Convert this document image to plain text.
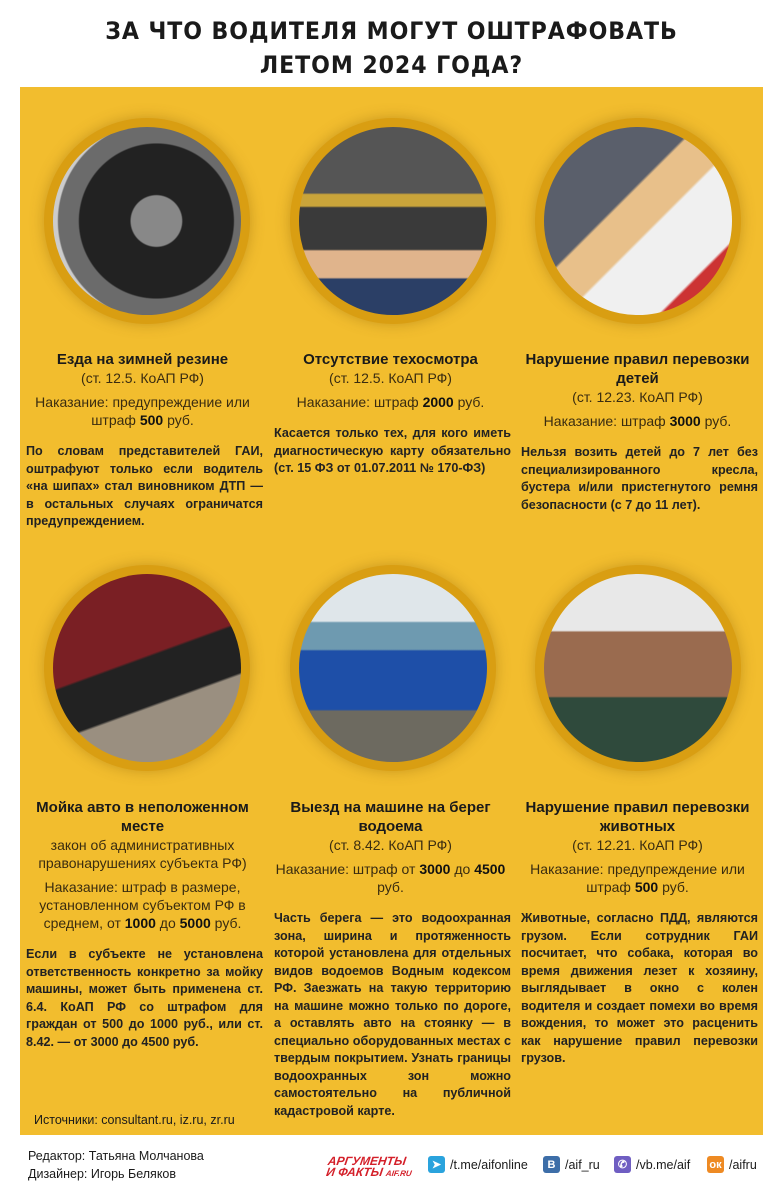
ЗА ЧТО ВОДИТЕЛЯ МОГУТ ОШТРАФОВАТЬ
ЛЕТОМ 2024 ГОДА?
Езда на зимней резине
(ст. 12.5. КоАП РФ)
Наказание: предупреждение или штраф 500 руб.
По словам представителей ГАИ, оштрафуют только если водитель «на шипах» стал виновником ДТП — в остальных случаях ограничатся предупреждением.
Отсутствие техосмотра
(ст. 12.5. КоАП РФ)
Наказание: штраф 2000 руб.
Касается только тех, для кого иметь диагностическую карту обязательно (ст. 15 ФЗ от 01.07.2011 № 170-ФЗ)
Нарушение правил перевозки детей
(ст. 12.23. КоАП РФ)
Наказание: штраф 3000 руб.
Нельзя возить детей до 7 лет без специализированного кресла, бустера и/или пристегнутого ремня безопасности (с 7 до 11 лет).
Мойка авто в неположенном месте
закон об административных правонарушениях субъекта РФ)
Наказание: штраф в размере, установленном субъектом РФ в среднем, от 1000 до 5000 руб.
Если в субъекте не установлена ответственность конкретно за мойку машины, может быть применена ст. 6.4. КоАП РФ со штрафом для граждан от 500 до 1000 руб., или ст. 8.42. — от 3000 до 4500 руб.
Выезд на машине на берег водоема
(ст. 8.42. КоАП РФ)
Наказание: штраф от 3000 до 4500 руб.
Часть берега — это водоохранная зона, ширина и протяженность которой установлена для отдельных видов водоемов Водным кодексом РФ. Заезжать на такую территорию на машине можно только по дороге, а оставлять авто на стоянку — в специально оборудованных местах с твердым покрытием. Узнать границы водоохранных зон можно самостоятельно на публичной кадастровой карте.
Нарушение правил перевозки животных
(ст. 12.21. КоАП РФ)
Наказание: предупреждение или штраф 500 руб.
Животные, согласно ПДД, являются грузом. Если сотрудник ГАИ посчитает, что собака, которая во время движения лезет к хозяину, выглядывает в окно с колен водителя и создает помехи во время вождения, то может это расценить как нарушение правил перевозки грузов.
Источники: consultant.ru, iz.ru, zr.ru
Редактор: Татьяна Молчанова
Дизайнер: Игорь Беляков
АРГУМЕНТЫ
И ФАКТЫ AIF.RU
➤ /t.me/aifonline	В /aif_ru	✆ /vb.me/aif ок /aifru
